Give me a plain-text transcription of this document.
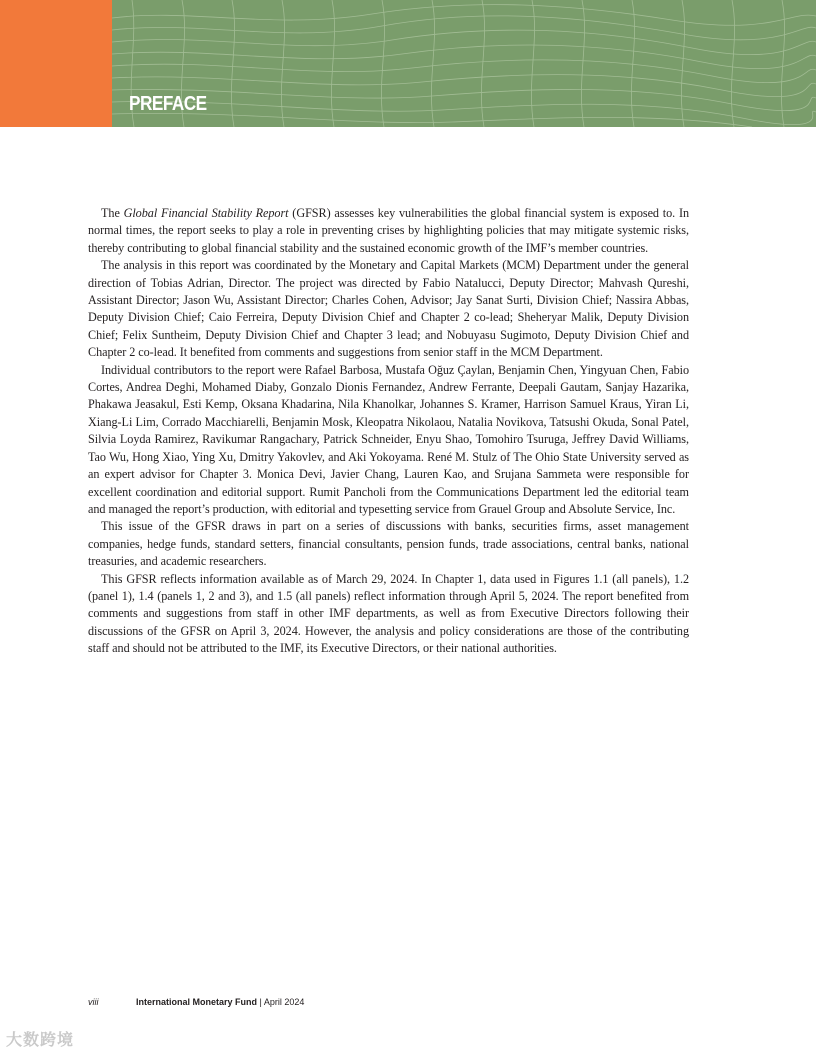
PREFACE

The Global Financial Stability Report (GFSR) assesses key vulnerabilities the global financial system is exposed to. In normal times, the report seeks to play a role in preventing crises by highlighting policies that may mitigate systemic risks, thereby contributing to global financial stability and the sustained economic growth of the IMF’s member countries.

The analysis in this report was coordinated by the Monetary and Capital Markets (MCM) Department under the general direction of Tobias Adrian, Director. The project was directed by Fabio Natalucci, Deputy Director; Mahvash Qureshi, Assistant Director; Jason Wu, Assistant Director; Charles Cohen, Advisor; Jay Sanat Surti, Division Chief; Nassira Abbas, Deputy Division Chief; Caio Ferreira, Deputy Division Chief and Chapter 2 co-lead; Sheheryar Malik, Deputy Division Chief; Felix Suntheim, Deputy Division Chief and Chapter 3 lead; and Nobuyasu Sugimoto, Deputy Division Chief and Chapter 2 co-lead. It benefited from comments and suggestions from senior staff in the MCM Department.

Individual contributors to the report were Rafael Barbosa, Mustafa Oğuz Çaylan, Benjamin Chen, Yingyuan Chen, Fabio Cortes, Andrea Deghi, Mohamed Diaby, Gonzalo Dionis Fernandez, Andrew Ferrante, Deepali Gautam, Sanjay Hazarika, Phakawa Jeasakul, Esti Kemp, Oksana Khadarina, Nila Khanolkar, Johannes S. Kramer, Harrison Samuel Kraus, Yiran Li, Xiang-Li Lim, Corrado Macchiarelli, Benjamin Mosk, Kleopatra Nikolaou, Natalia Novikova, Tatsushi Okuda, Sonal Patel, Silvia Loyda Ramirez, Ravikumar Rangachary, Patrick Schneider, Enyu Shao, Tomohiro Tsuruga, Jeffrey David Williams, Tao Wu, Hong Xiao, Ying Xu, Dmitry Yakovlev, and Aki Yokoyama. René M. Stulz of The Ohio State University served as an expert advisor for Chapter 3. Monica Devi, Javier Chang, Lauren Kao, and Srujana Sammeta were responsible for excellent coordination and editorial support. Rumit Pancholi from the Communications Department led the editorial team and managed the report’s production, with editorial and typesetting service from Grauel Group and Absolute Service, Inc.

This issue of the GFSR draws in part on a series of discussions with banks, securities firms, asset management companies, hedge funds, standard setters, financial consultants, pension funds, trade associations, central banks, national treasuries, and academic researchers.

This GFSR reflects information available as of March 29, 2024. In Chapter 1, data used in Figures 1.1 (all panels), 1.2 (panel 1), 1.4 (panels 1, 2 and 3), and 1.5 (all panels) reflect information through April 5, 2024. The report benefited from comments and suggestions from staff in other IMF departments, as well as from Executive Directors following their discussions of the GFSR on April 3, 2024. However, the analysis and policy considerations are those of the contributing staff and should not be attributed to the IMF, its Executive Directors, or their national authorities.

viii	International Monetary Fund | April 2024
大数跨境
